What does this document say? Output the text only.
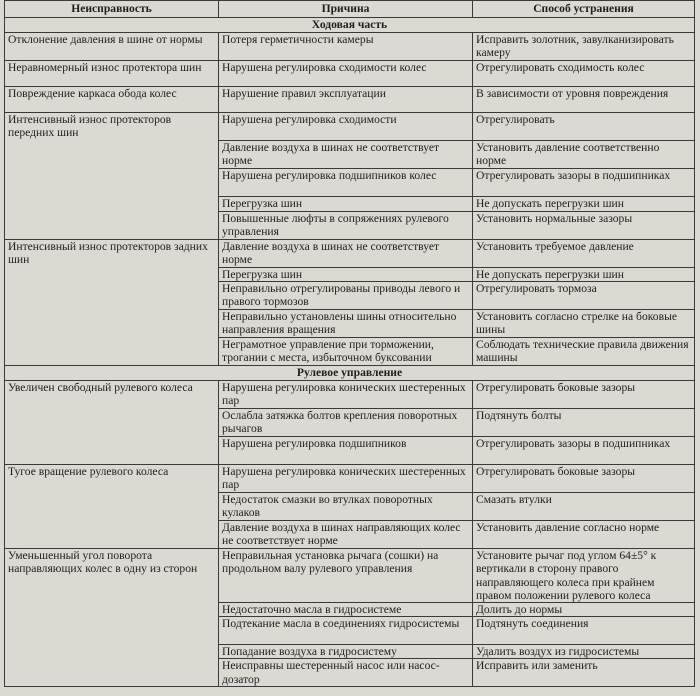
Неисправность	Причина	Способ устранения
Ходовая часть		
Отклонение давления в шине от нормы	Потеря герметичности камеры	Исправить золотник, завулканизировать камеру
Неравномерный износ протектора шин	Нарушена регулировка сходимости колес	Отрегулировать сходимость колес
Повреждение каркаса обода колес	Нарушение правил эксплуатации	В зависимости от уровня повреждения
Интенсивный износ протекторов передних шин	Нарушена регулировка сходимости	Отрегулировать
	Давление воздуха в шинах не соответствует норме	Установить давление соответственно норме
	Нарушена регулировка подшипников колес	Отрегулировать зазоры в подшипниках
	Перегрузка шин	Не допускать перегрузки шин
	Повышенные люфты в сопряжениях рулевого управления	Установить нормальные зазоры
Интенсивный износ протекторов задних шин	Давление воздуха в шинах не соответствует норме	Установить требуемое давление
	Перегрузка шин	Не допускать перегрузки шин
	Неправильно отрегулированы приводы левого и правого тормозов	Отрегулировать тормоза
	Неправильно установлены шины относительно направления вращения	Установить согласно стрелке на боковые шины
	Неграмотное управление при торможении, трогании с места, избыточном буксовании	Соблюдать технические правила движения машины
Рулевое управление		
Увеличен свободный рулевого колеса	Нарушена регулировка конических шестеренных пар	Отрегулировать боковые зазоры
	Ослабла затяжка болтов крепления поворотных рычагов	Подтянуть болты
	Нарушена регулировка подшипников	Отрегулировать зазоры в подшипниках
Тугое вращение рулевого колеса	Нарушена регулировка конических шестеренных пар	Отрегулировать боковые зазоры
	Недостаток смазки во втулках поворотных кулаков	Смазать втулки
	Давление воздуха в шинах направляющих колес не соответствует норме	Установить давление согласно норме
Уменьшенный угол поворота направляющих колес в одну из сторон	Неправильная установка рычага (сошки) на продольном валу рулевого управления	Установите рычаг под углом 64±5° к вертикали в сторону правого направляющего колеса при крайнем правом положении рулевого колеса
	Недостаточно масла в гидросистеме	Долить до нормы
	Подтекание масла в соединениях гидросистемы	Подтянуть соединения
	Попадание воздуха в гидросистему	Удалить воздух из гидросистемы
	Неисправны шестеренный насос или насос-дозатор	Исправить или заменить
